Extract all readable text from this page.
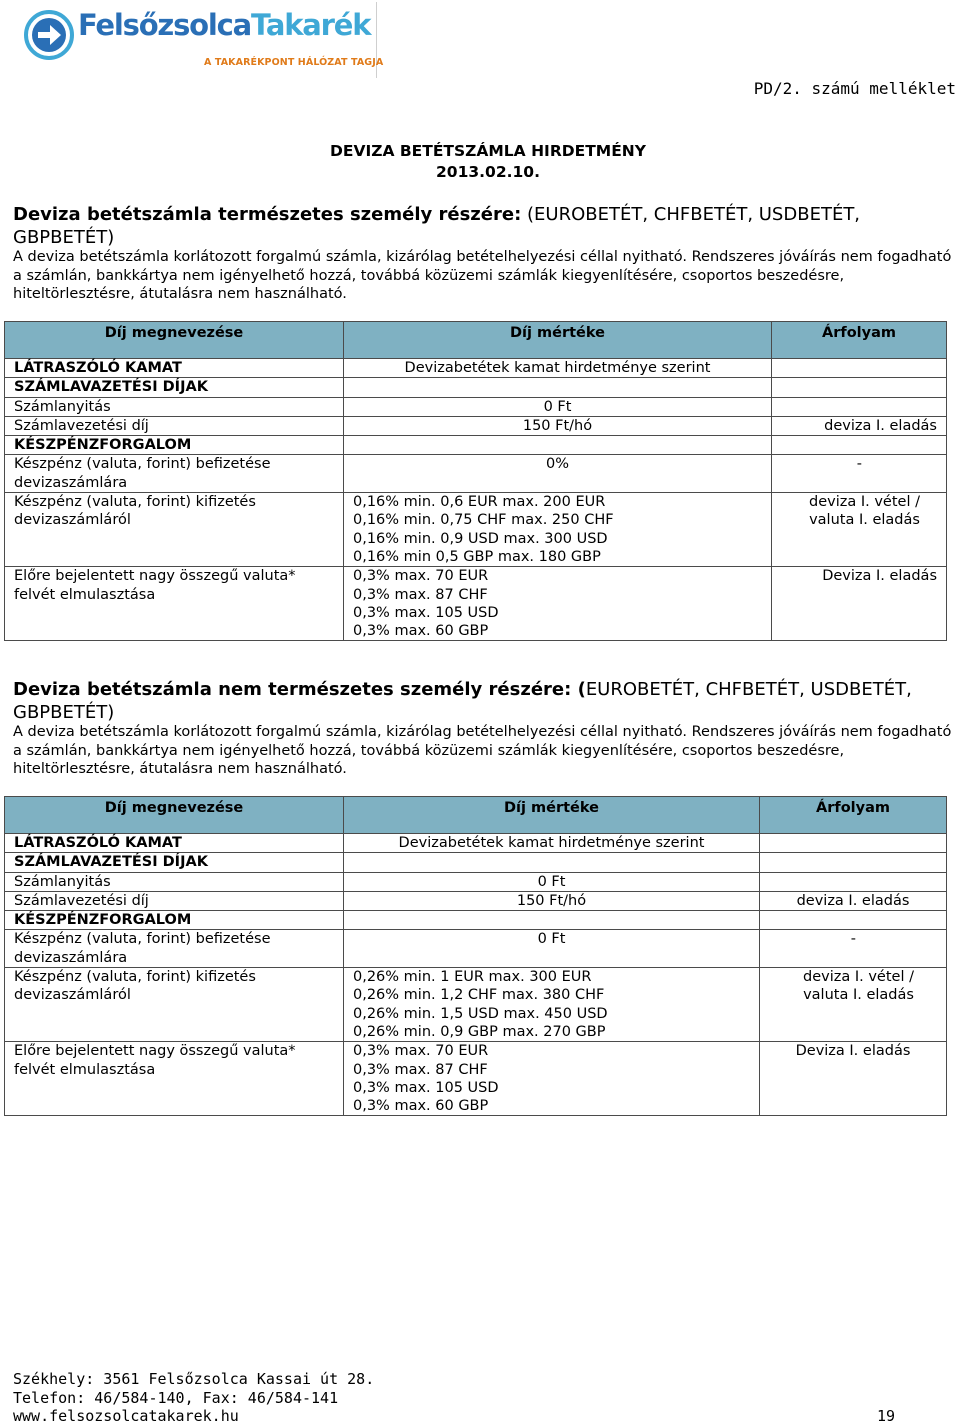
FelsőzsolcaTakarék
A TAKARÉKPONT HÁLÓZAT TAGJA
PD/2. számú melléklet
DEVIZA BETÉTSZÁMLA HIRDETMÉNY
2013.02.10.
Deviza betétszámla természetes személy részére: (EUROBETÉT, CHFBETÉT, USDBETÉT, GBPBETÉT)
A deviza betétszámla korlátozott forgalmú számla, kizárólag betételhelyezési céllal nyitható. Rendszeres jóváírás nem fogadható a számlán, bankkártya nem igényelhető hozzá, továbbá közüzemi számlák kiegyenlítésére, csoportos beszedésre, hiteltörlesztésre, átutalásra nem használható.
Díj megnevezése	Díj mértéke	Árfolyam
LÁTRASZÓLÓ KAMAT	Devizabetétek kamat hirdetménye szerint	
SZÁMLAVAZETÉSI DÍJAK		
Számlanyitás	0 Ft	
Számlavezetési díj	150 Ft/hó	deviza I. eladás
KÉSZPÉNZFORGALOM		
Készpénz (valuta, forint) befizetése devizaszámlára	0%	-
Készpénz (valuta, forint) kifizetés devizaszámláról	0,16% min. 0,6 EUR max. 200 EUR
0,16% min. 0,75 CHF max. 250 CHF
0,16% min. 0,9 USD max. 300 USD
0,16% min 0,5 GBP max. 180 GBP	deviza I. vétel /
valuta I. eladás

Előre bejelentett nagy összegű valuta* felvét elmulasztása	0,3% max. 70 EUR
0,3% max. 87 CHF
0,3% max. 105 USD
0,3% max. 60 GBP	Deviza I. eladás
Deviza betétszámla nem természetes személy részére: (EUROBETÉT, CHFBETÉT, USDBETÉT, GBPBETÉT)
A deviza betétszámla korlátozott forgalmú számla, kizárólag betételhelyezési céllal nyitható. Rendszeres jóváírás nem fogadható a számlán, bankkártya nem igényelhető hozzá, továbbá közüzemi számlák kiegyenlítésére, csoportos beszedésre, hiteltörlesztésre, átutalásra nem használható.
Díj megnevezése	Díj mértéke	Árfolyam
LÁTRASZÓLÓ KAMAT	Devizabetétek kamat hirdetménye szerint	
SZÁMLAVAZETÉSI DÍJAK		
Számlanyitás	0 Ft	
Számlavezetési díj	150 Ft/hó	deviza I. eladás
KÉSZPÉNZFORGALOM		
Készpénz (valuta, forint) befizetése devizaszámlára	0 Ft	-
Készpénz (valuta, forint) kifizetés devizaszámláról	0,26% min. 1 EUR max. 300 EUR
0,26% min. 1,2 CHF max. 380 CHF
0,26% min. 1,5 USD max. 450 USD
0,26% min. 0,9 GBP max. 270 GBP	deviza I. vétel /
valuta I. eladás

Előre bejelentett nagy összegű valuta* felvét elmulasztása	0,3% max. 70 EUR
0,3% max. 87 CHF
0,3% max. 105 USD
0,3% max. 60 GBP	Deviza I. eladás
Székhely: 3561 Felsőzsolca Kassai út 28.
Telefon: 46/584-140, Fax: 46/584-141
www.felsozsolcatakarek.hu	19
